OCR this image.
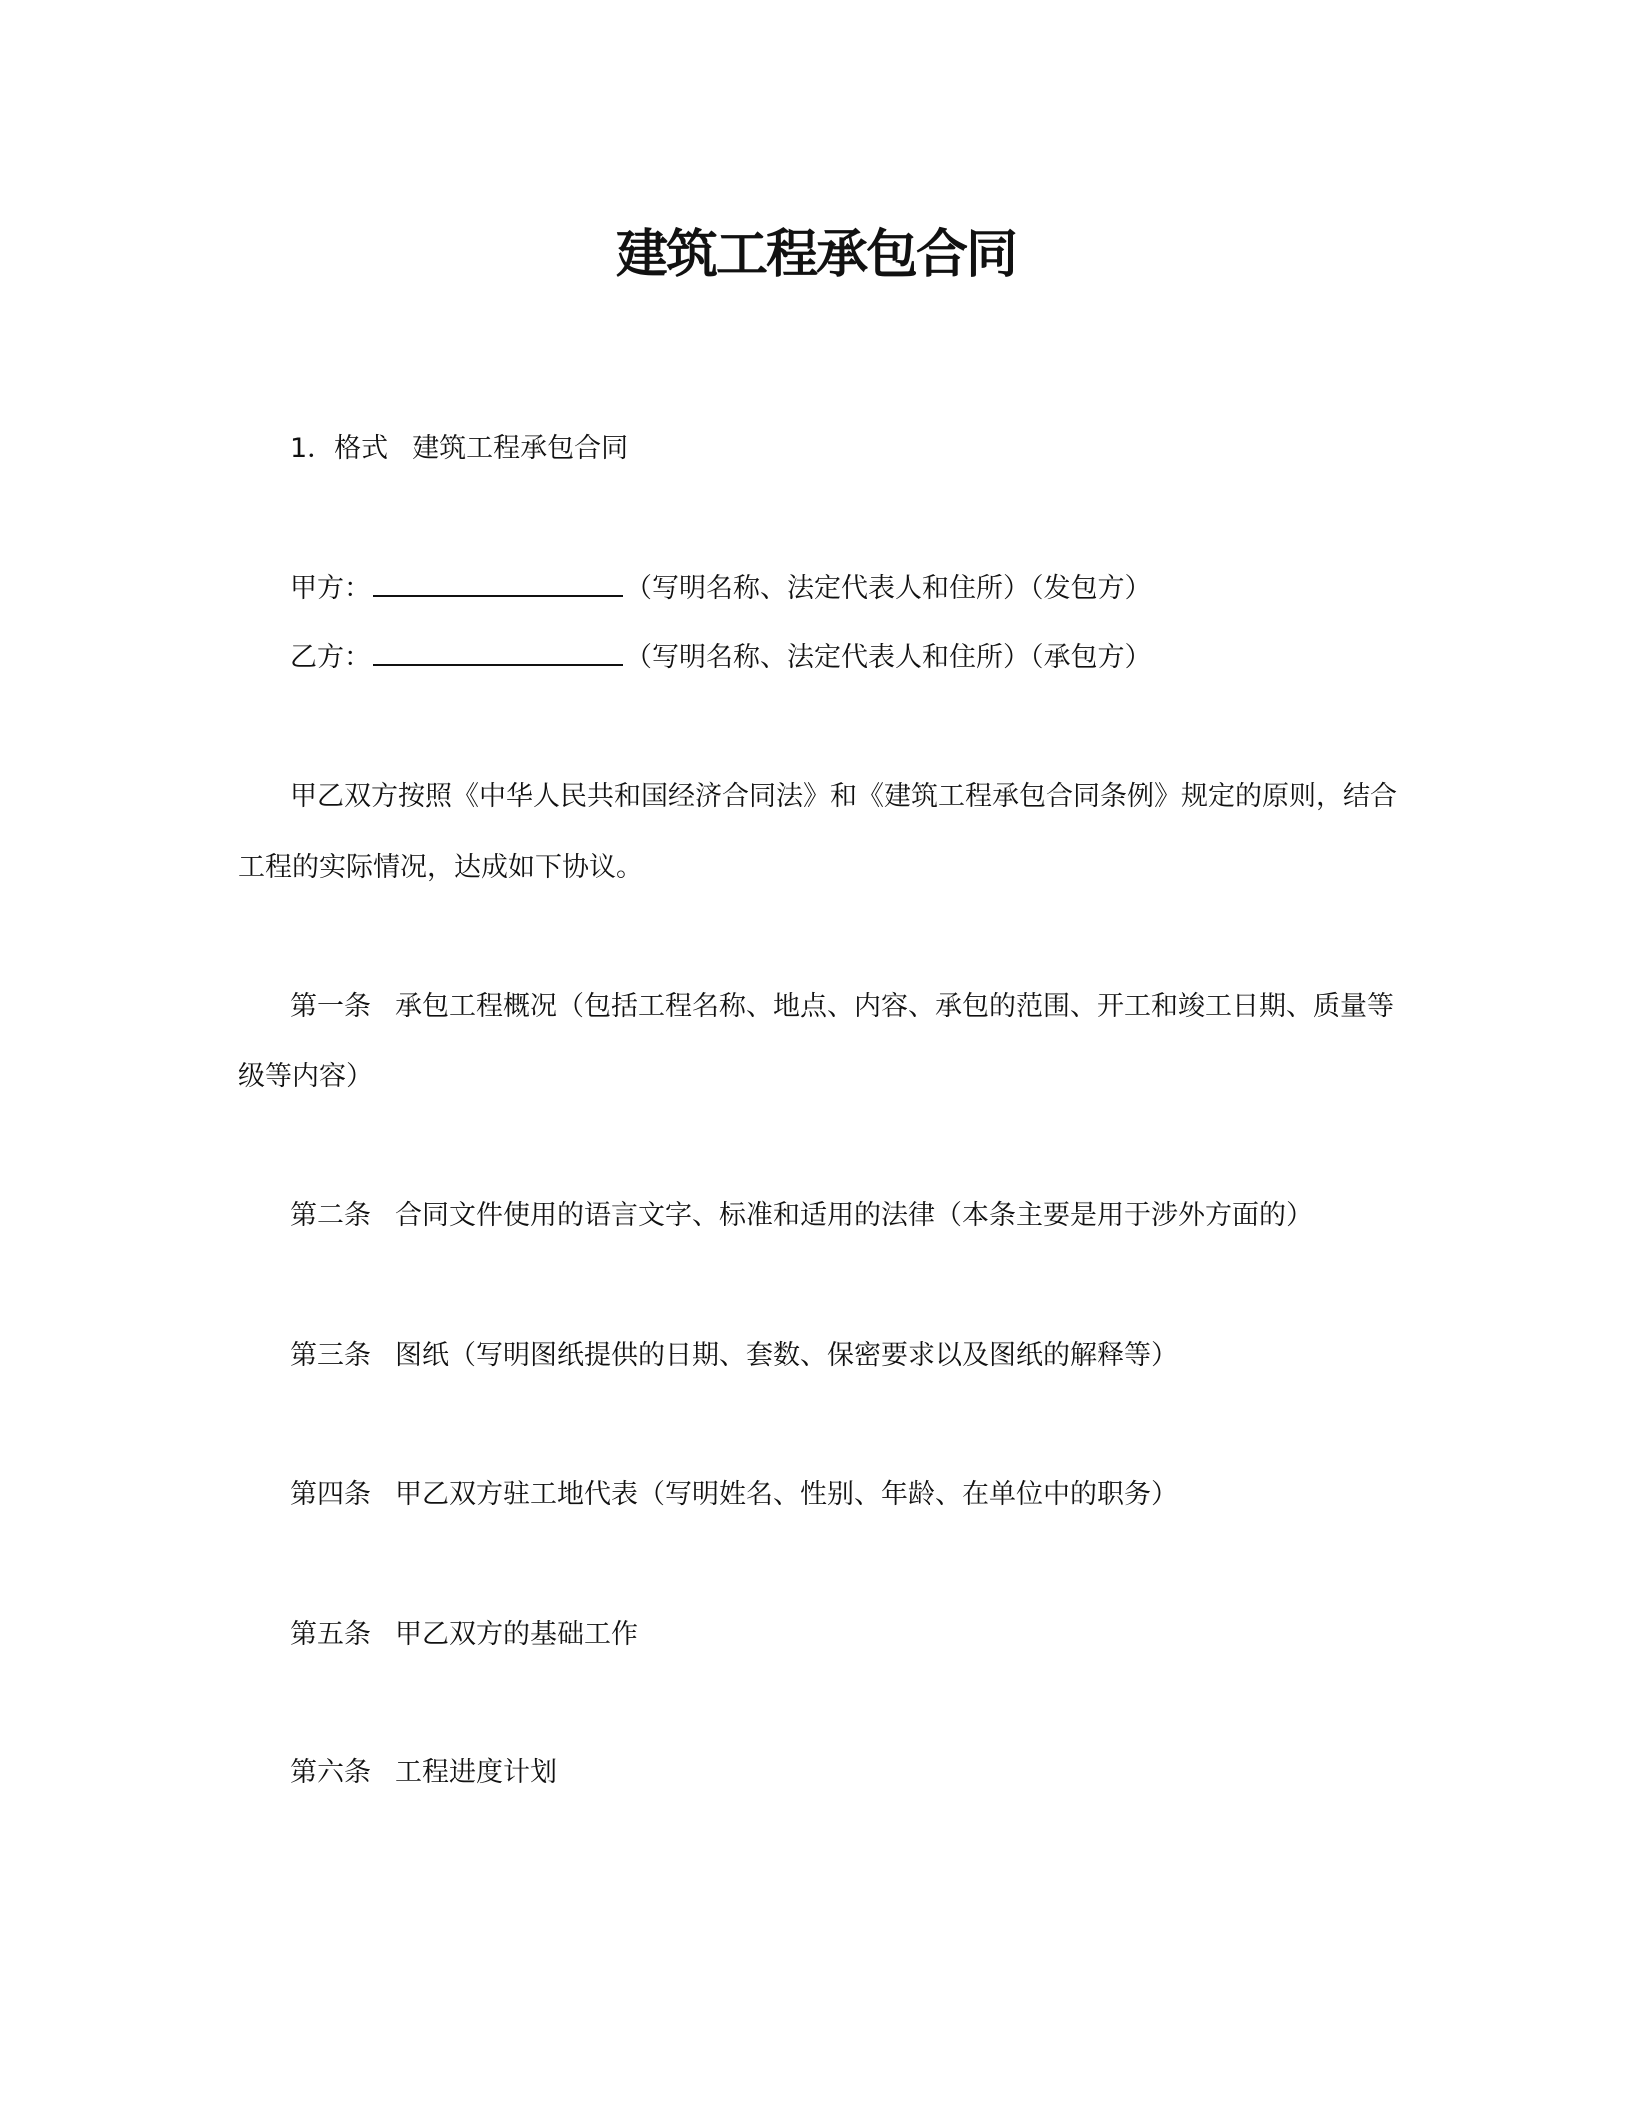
建筑工程承包合同
1．格式 建筑工程承包合同
甲方：	（写明名称、法定代表人和住所）（发包方）
乙方：	（写明名称、法定代表人和住所）（承包方）
甲乙双方按照《中华人民共和国经济合同法》和《建筑工程承包合同条例》规定的原则，结合
工程的实际情况，达成如下协议。
第一条 承包工程概况（包括工程名称、地点、内容、承包的范围、开工和竣工日期、质量等
级等内容）
第二条 合同文件使用的语言文字、标准和适用的法律（本条主要是用于涉外方面的）
第三条 图纸（写明图纸提供的日期、套数、保密要求以及图纸的解释等）
第四条 甲乙双方驻工地代表（写明姓名、性别、年龄、在单位中的职务）
第五条 甲乙双方的基础工作
第六条 工程进度计划
